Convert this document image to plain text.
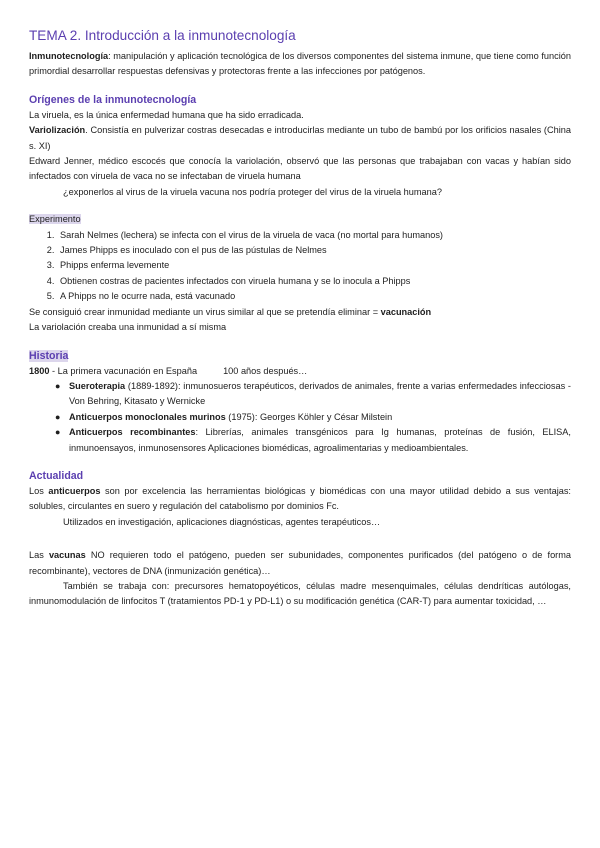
TEMA 2. Introducción a la inmunotecnología

Inmunotecnología: manipulación y aplicación tecnológica de los diversos componentes del sistema inmune, que tiene como función primordial desarrollar respuestas defensivas y protectoras frente a las infecciones por patógenos.

Orígenes de la inmunotecnología

La viruela, es la única enfermedad humana que ha sido erradicada.

Variolización. Consistía en pulverizar costras desecadas e introducirlas mediante un tubo de bambú por los orificios nasales (China s. XI)

Edward Jenner, médico escocés que conocía la variolación, observó que las personas que trabajaban con vacas y habían sido infectados con viruela de vaca no se infectaban de viruela humana

¿exponerlos al virus de la viruela vacuna nos podría proteger del virus de la viruela humana?

Experimento

1. Sarah Nelmes (lechera) se infecta con el virus de la viruela de vaca (no mortal para humanos)
2. James Phipps es inoculado con el pus de las pústulas de Nelmes
3. Phipps enferma levemente
4. Obtienen costras de pacientes infectados con viruela humana y se lo inocula a Phipps
5. A Phipps no le ocurre nada, está vacunado

Se consiguió crear inmunidad mediante un virus similar al que se pretendía eliminar = vacunación

La variolación creaba una inmunidad a sí misma

Historia

1800 - La primera vacunación en España	100 años después…

● Sueroterapia (1889-1892): inmunosueros terapéuticos, derivados de animales, frente a varias enfermedades infecciosas - Von Behring, Kitasato y Wernicke
● Anticuerpos monoclonales murinos (1975): Georges Köhler y César Milstein
● Anticuerpos recombinantes: Librerías, animales transgénicos para Ig humanas, proteínas de fusión, ELISA, inmunoensayos, inmunosensores Aplicaciones biomédicas, agroalimentarias y medioambientales.
Actualidad

Los anticuerpos son por excelencia las herramientas biológicas y biomédicas con una mayor utilidad debido a sus ventajas: solubles, circulantes en suero y regulación del catabolismo por dominios Fc.

Utilizados en investigación, aplicaciones diagnósticas, agentes terapéuticos…

Las vacunas NO requieren todo el patógeno, pueden ser subunidades, componentes purificados (del patógeno o de forma recombinante), vectores de DNA (inmunización genética)…

También se trabaja con: precursores hematopoyéticos, células madre mesenquimales, células dendríticas autólogas, inmunomodulación de linfocitos T (tratamientos PD-1 y PD-L1) o su modificación genética (CAR-T) para aumentar toxicidad, …
